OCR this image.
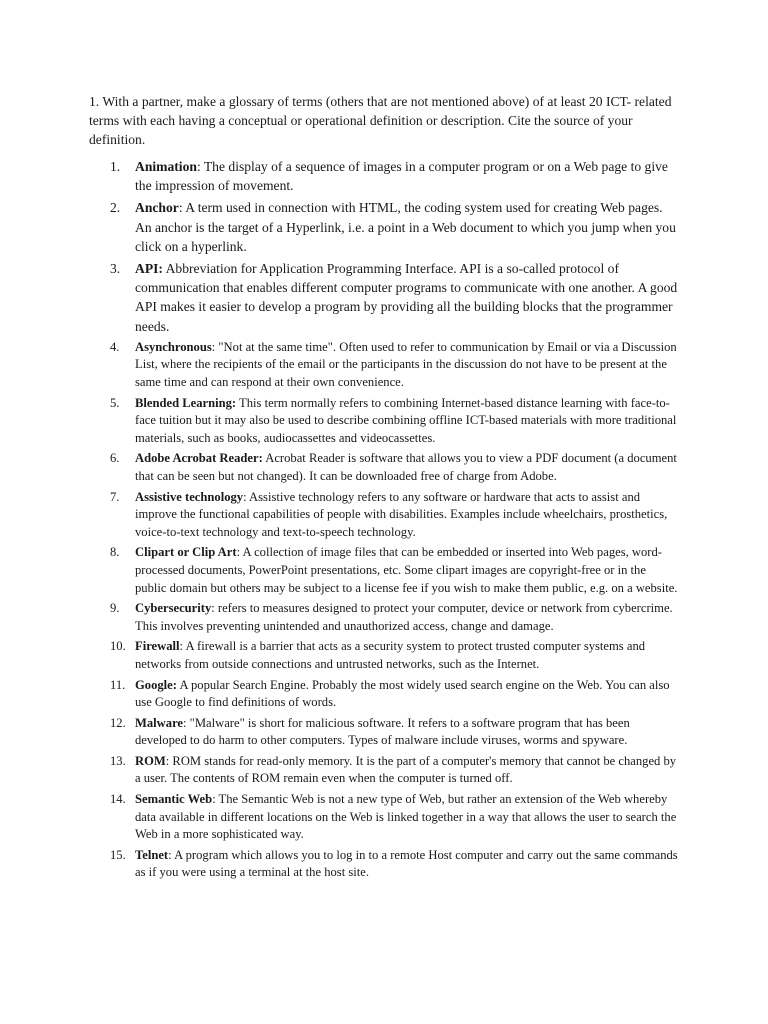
1. With a partner, make a glossary of terms (others that are not mentioned above) of at least 20 ICT- related terms with each having a conceptual or operational definition or description. Cite the source of your definition.

1. Animation: The display of a sequence of images in a computer program or on a Web page to give the impression of movement.
2. Anchor: A term used in connection with HTML, the coding system used for creating Web pages. An anchor is the target of a Hyperlink, i.e. a point in a Web document to which you jump when you click on a hyperlink.
3. API: Abbreviation for Application Programming Interface. API is a so-called protocol of communication that enables different computer programs to communicate with one another. A good API makes it easier to develop a program by providing all the building blocks that the programmer needs.
4. Asynchronous: "Not at the same time". Often used to refer to communication by Email or via a Discussion List, where the recipients of the email or the participants in the discussion do not have to be present at the same time and can respond at their own convenience.
5. Blended Learning: This term normally refers to combining Internet-based distance learning with face-to-face tuition but it may also be used to describe combining offline ICT-based materials with more traditional materials, such as books, audiocassettes and videocassettes.
6. Adobe Acrobat Reader: Acrobat Reader is software that allows you to view a PDF document (a document that can be seen but not changed). It can be downloaded free of charge from Adobe.
7. Assistive technology: Assistive technology refers to any software or hardware that acts to assist and improve the functional capabilities of people with disabilities. Examples include wheelchairs, prosthetics, voice-to-text technology and text-to-speech technology.
8. Clipart or Clip Art: A collection of image files that can be embedded or inserted into Web pages, word-processed documents, PowerPoint presentations, etc. Some clipart images are copyright-free or in the public domain but others may be subject to a license fee if you wish to make them public, e.g. on a website.
9. Cybersecurity: refers to measures designed to protect your computer, device or network from cybercrime. This involves preventing unintended and unauthorized access, change and damage.
10. Firewall: A firewall is a barrier that acts as a security system to protect trusted computer systems and networks from outside connections and untrusted networks, such as the Internet.
11. Google: A popular Search Engine. Probably the most widely used search engine on the Web. You can also use Google to find definitions of words.
12. Malware: "Malware" is short for malicious software. It refers to a software program that has been developed to do harm to other computers. Types of malware include viruses, worms and spyware.
13. ROM: ROM stands for read-only memory. It is the part of a computer's memory that cannot be changed by a user. The contents of ROM remain even when the computer is turned off.
14. Semantic Web: The Semantic Web is not a new type of Web, but rather an extension of the Web whereby data available in different locations on the Web is linked together in a way that allows the user to search the Web in a more sophisticated way.
15. Telnet: A program which allows you to log in to a remote Host computer and carry out the same commands as if you were using a terminal at the host site.
